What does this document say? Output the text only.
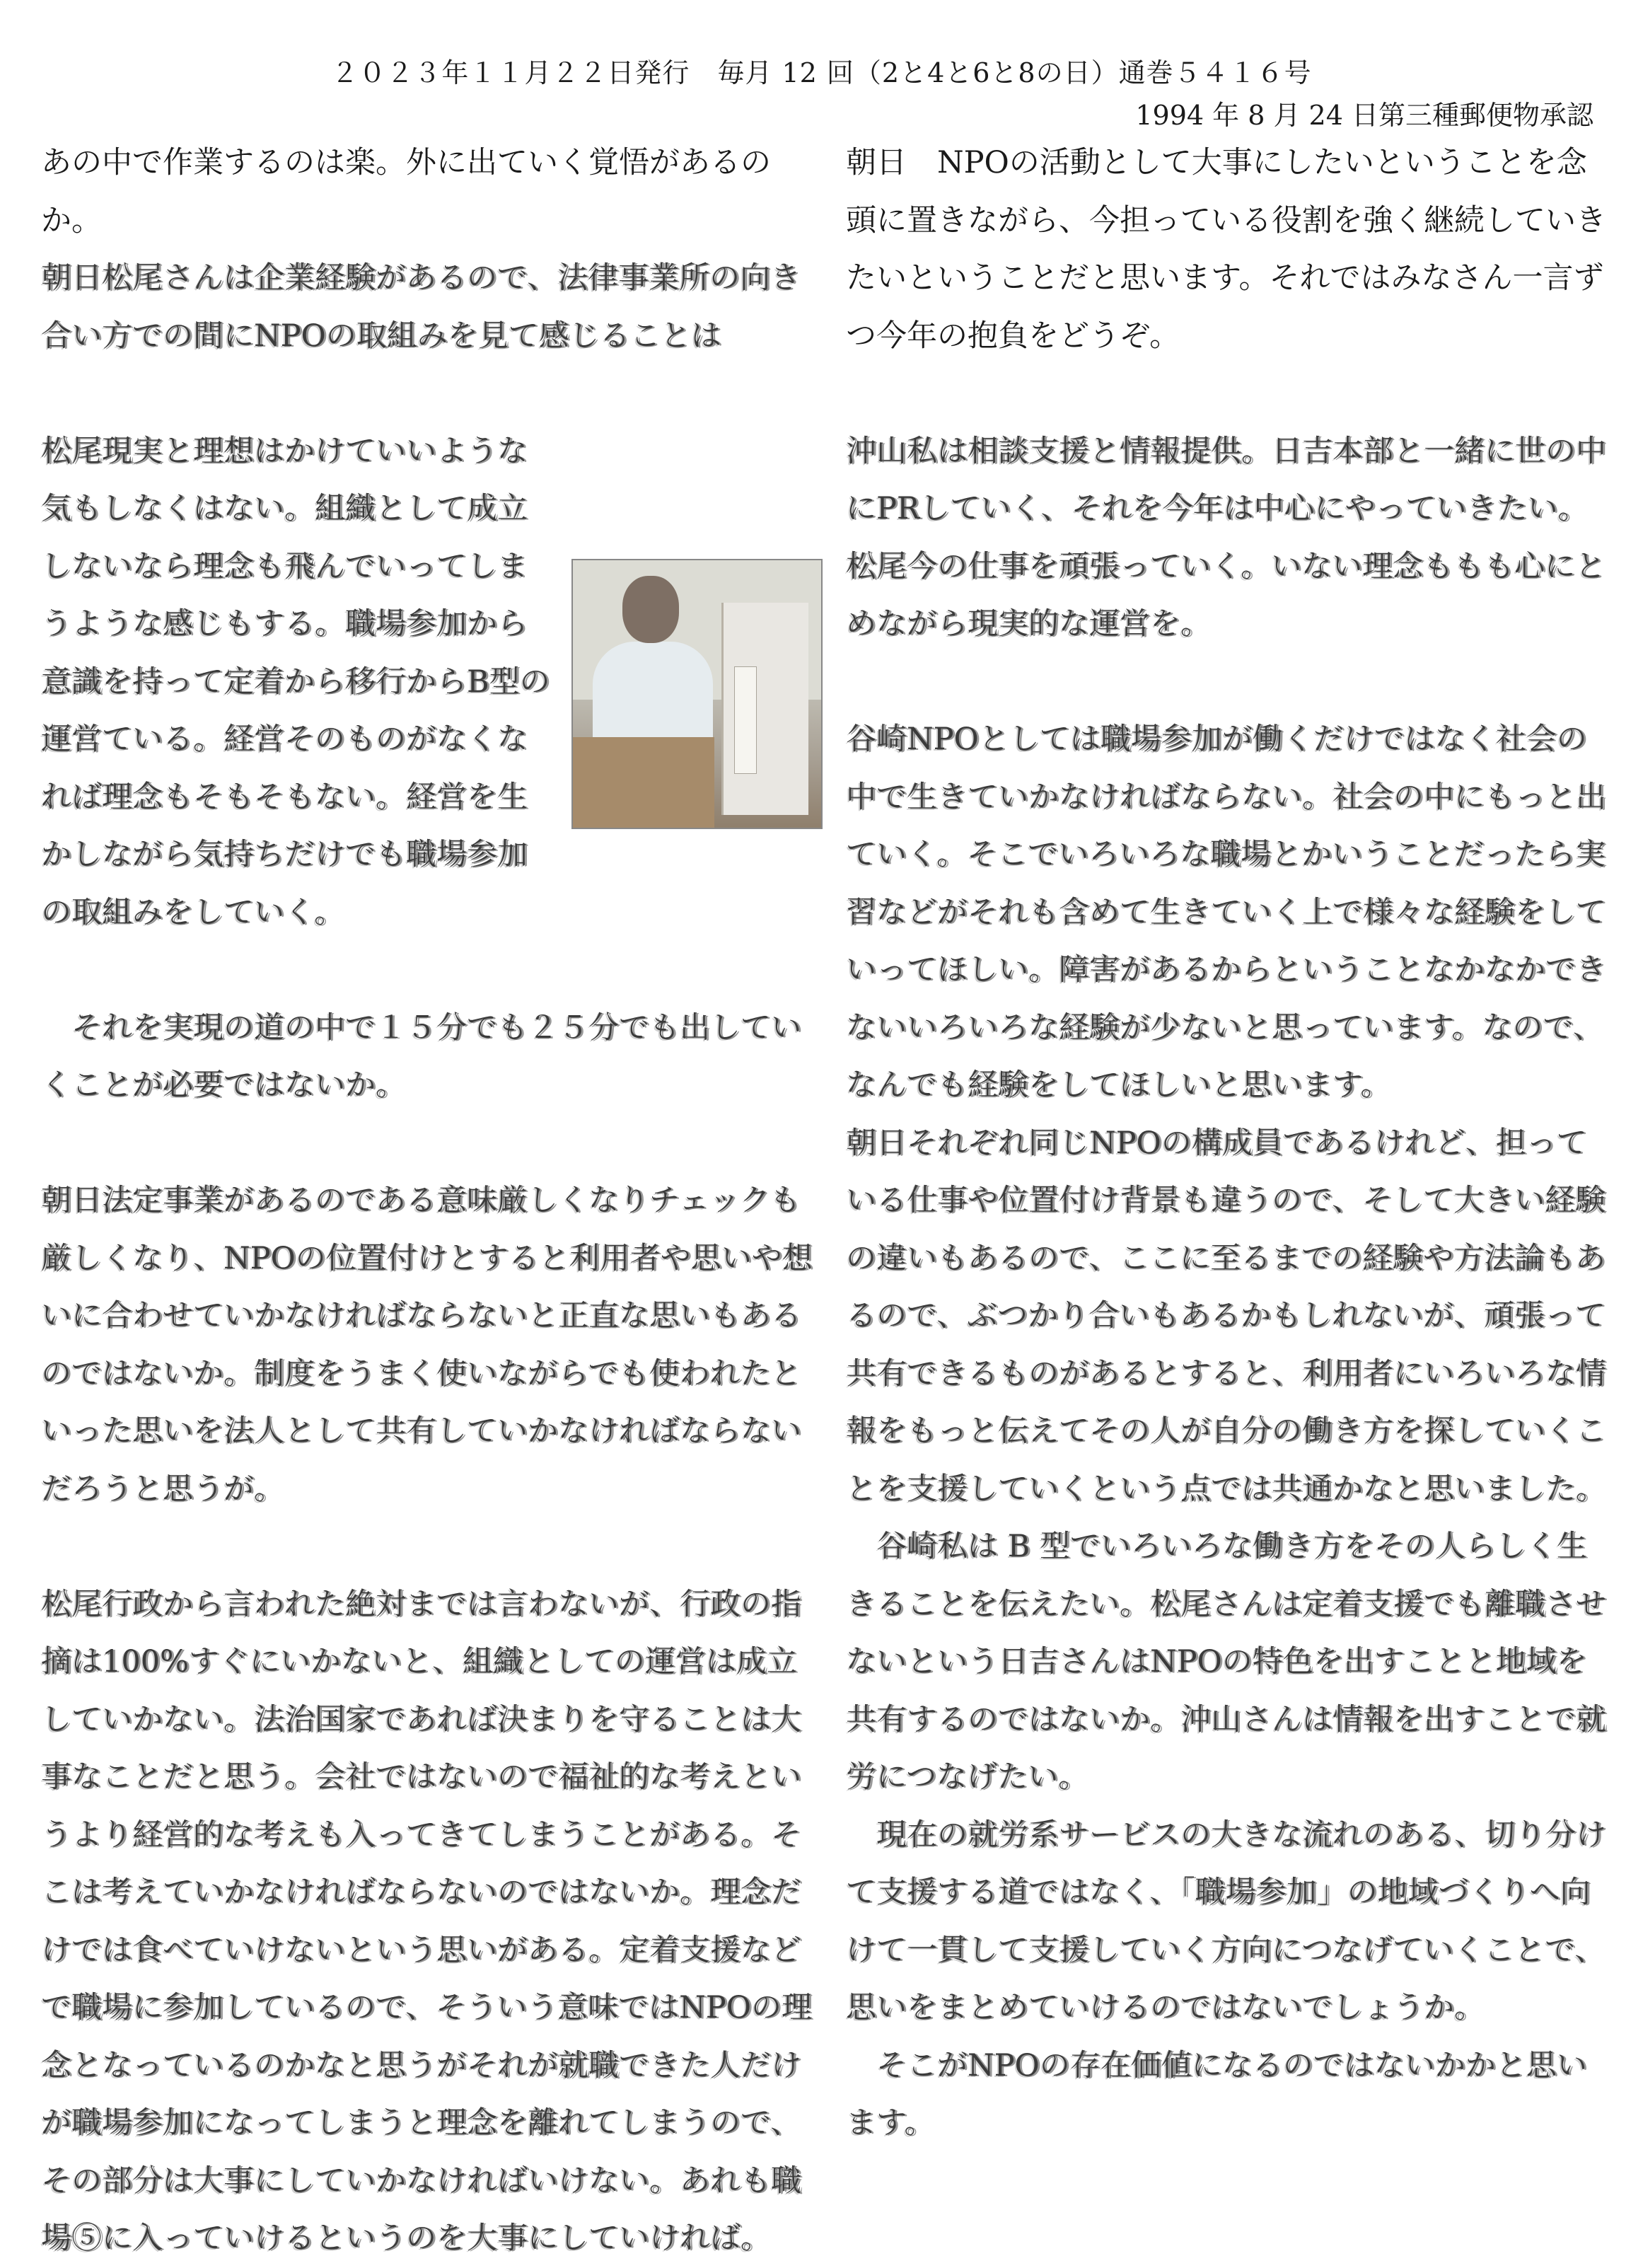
２０２３年１１月２２日発行　毎月 12 回（2と4と6と8の日）通巻５４１６号
1994 年 8 月 24 日第三種郵便物承認

あの中で作業するのは楽。外に出ていく覚悟があるのか。

朝日松尾さんは企業経験があるので、法律事業所の向き合い方での間にNPOの取組みを見て感じることは

松尾現実と理想はかけていいような気もしなくはない。組織として成立しないなら理念も飛んでいってしまうような感じもする。職場参加から意識を持って定着から移行からB型の運営ている。経営そのものがなくなれば理念もそもそもない。経営を生かしながら気持ちだけでも職場参加の取組みをしていく。

それを実現の道の中で１５分でも２５分でも出していくことが必要ではないか。

朝日法定事業があるのである意味厳しくなりチェックも厳しくなり、NPOの位置付けとすると利用者や思いや想いに合わせていかなければならないと正直な思いもあるのではないか。制度をうまく使いながらでも使われたといった思いを法人として共有していかなければならないだろうと思うが。

松尾行政から言われた絶対までは言わないが、行政の指摘は100%すぐにいかないと、組織としての運営は成立していかない。法治国家であれば決まりを守ることは大事なことだと思う。会社ではないので福祉的な考えというより経営的な考えも入ってきてしまうことがある。そこは考えていかなければならないのではないか。理念だけでは食べていけないという思いがある。定着支援などで職場に参加しているので、そういう意味ではNPOの理念となっているのかなと思うがそれが就職できた人だけが職場参加になってしまうと理念を離れてしまうので、その部分は大事にしていかなければいけない。あれも職場⑤に入っていけるというのを大事にしていければ。

朝日　NPOの活動として大事にしたいということを念頭に置きながら、今担っている役割を強く継続していきたいということだと思います。それではみなさん一言ずつ今年の抱負をどうぞ。

沖山私は相談支援と情報提供。日吉本部と一緒に世の中にPRしていく、それを今年は中心にやっていきたい。松尾今の仕事を頑張っていく。いない理念ももも心にとめながら現実的な運営を。

谷崎NPOとしては職場参加が働くだけではなく社会の中で生きていかなければならない。社会の中にもっと出ていく。そこでいろいろな職場とかいうことだったら実習などがそれも含めて生きていく上で様々な経験をしていってほしい。障害があるからということなかなかできないいろいろな経験が少ないと思っています。なので、なんでも経験をしてほしいと思います。

朝日それぞれ同じNPOの構成員であるけれど、担っている仕事や位置付け背景も違うので、そして大きい経験の違いもあるので、ここに至るまでの経験や方法論もあるので、ぶつかり合いもあるかもしれないが、頑張って共有できるものがあるとすると、利用者にいろいろな情報をもっと伝えてその人が自分の働き方を探していくことを支援していくという点では共通かなと思いました。

谷崎私は B 型でいろいろな働き方をその人らしく生きることを伝えたい。松尾さんは定着支援でも離職させないという日吉さんはNPOの特色を出すことと地域を共有するのではないか。沖山さんは情報を出すことで就労につなげたい。

現在の就労系サービスの大きな流れのある、切り分けて支援する道ではなく、「職場参加」の地域づくりへ向けて一貫して支援していく方向につなげていくことで、思いをまとめていけるのではないでしょうか。

そこがNPOの存在価値になるのではないかかと思います。
